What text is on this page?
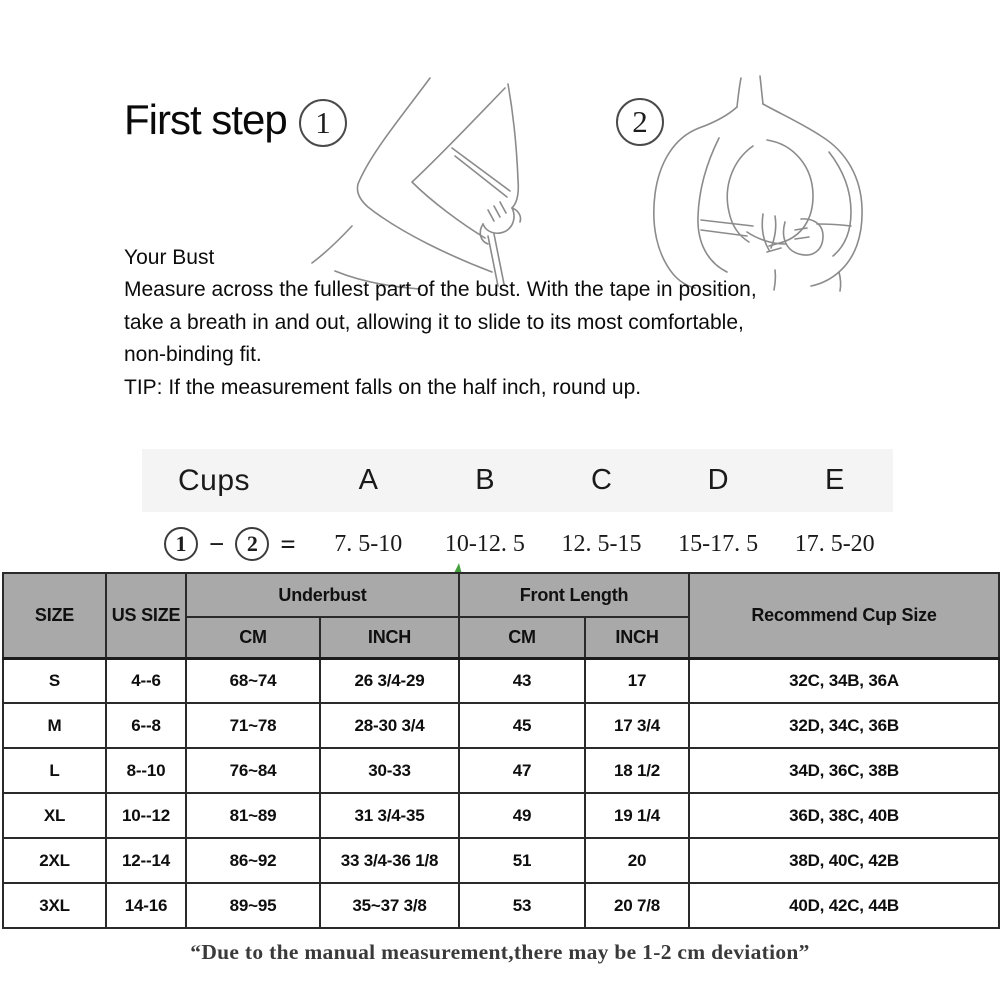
First step 1	2
Your Bust
Measure across the fullest part of the bust. With the tape in position,
take a breath in and out, allowing it to slide to its most comfortable,
non-binding fit.
TIP: If the measurement falls on the half inch, round up.
Cups	A	B	C	D	E
1 − 2 =	7. 5-10	10-12. 5	12. 5-15	15-17. 5	17. 5-20
SIZE	US SIZE	Underbust		Front Length		Recommend Cup Size
		CM	INCH	CM	INCH	
S	4--6	68~74	26 3/4-29	43	17	32C, 34B, 36A
M	6--8	71~78	28-30 3/4	45	17 3/4	32D, 34C, 36B
L	8--10	76~84	30-33	47	18 1/2	34D, 36C, 38B
XL	10--12	81~89	31 3/4-35	49	19 1/4	36D, 38C, 40B
2XL	12--14	86~92	33 3/4-36 1/8	51	20	38D, 40C, 42B
3XL	14-16	89~95	35~37 3/8	53	20 7/8	40D, 42C, 44B
“Due to the manual measurement,there may be 1-2 cm deviation”
